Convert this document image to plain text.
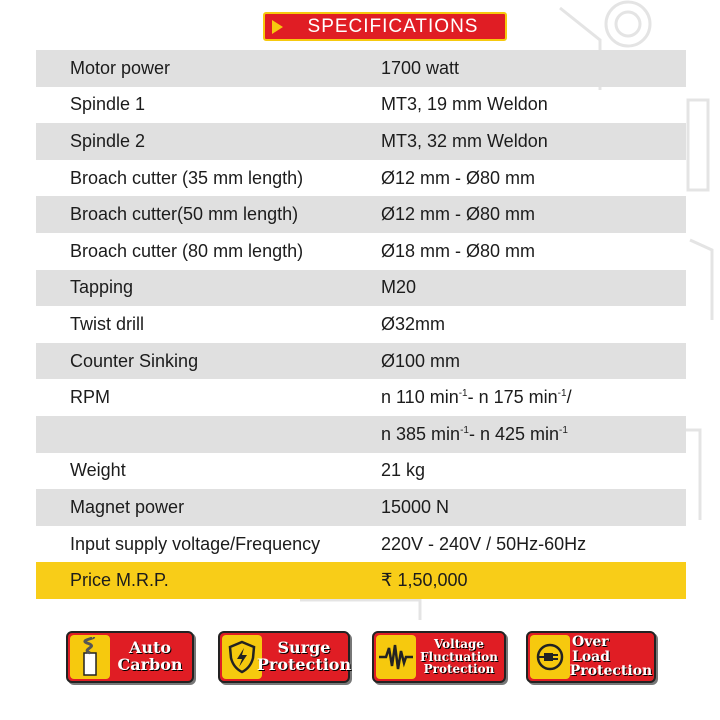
SPECIFICATIONS
Motor power	1700 watt
Spindle 1	MT3, 19 mm Weldon
Spindle 2	MT3, 32 mm Weldon
Broach cutter (35 mm length)	Ø12 mm - Ø80 mm
Broach cutter(50 mm length)	Ø12 mm - Ø80 mm
Broach cutter (80 mm length)	Ø18 mm - Ø80 mm
Tapping	M20
Twist drill	Ø32mm
Counter Sinking	Ø100 mm
RPM	n 110 $\min^{-1}-$ n 175 $\min^{-1}/$
n 385 $\min^{-1}-$ n 425 $\min^{-1}$
Weight	21 kg
Magnet power	15000 N
Input supply voltage/Frequency	220V - 240V / 50Hz-60Hz
Price M.R.P.	₹ 1,50,000
Auto
Carbon
Surge
Protection
Voltage
Fluctuation
Protection
Over Load
Protection
